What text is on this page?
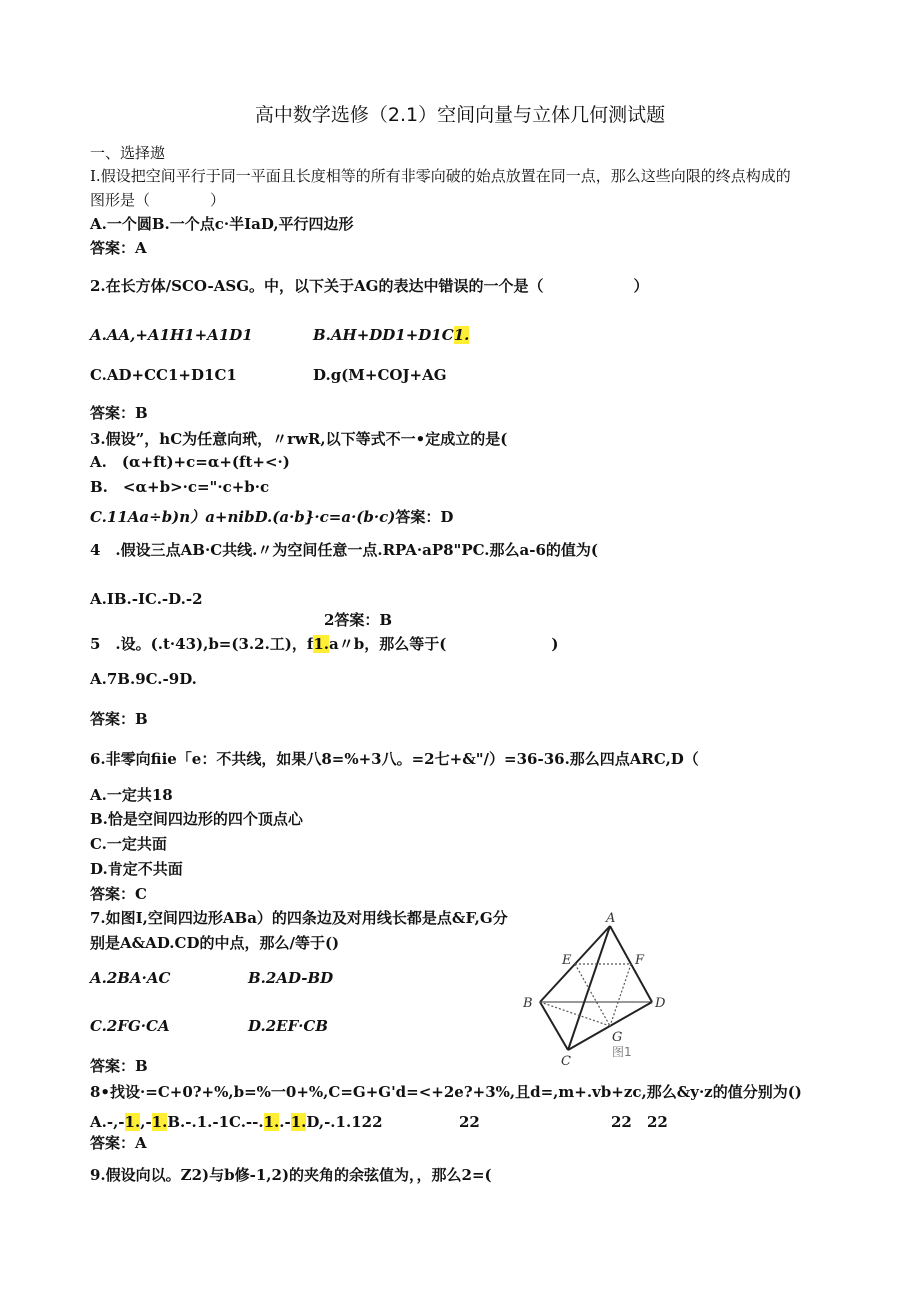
高中数学选修（2.1）空间向量与立体几何测试题
一、选择遨
I.假设把空间平行于同一平面且长度相等的所有非零向破的始点放置在同一点，那么这些向限的终点构成的
图形是（　　　　）
A.一个圆B.一个点c·半IaD,平行四边形
答案：A
2.在长方体/SCO-ASG。中，以下关于AG的表达中错误的一个是（　　　　　　）
A.AA,+A1H1+A1D1	B.AH+DD1+D1C1.
C.AD+CC1+D1C1	D.g(M+COJ+AG
答案：B
3.假设”，hC为任意向玳，〃rwR,以下等式不一•定成立的是(
A.　(α+ft)+c=α+(ft+<·)
B.　<α+b>·c="·c+b·c
C.11Aa÷b)n）a+nibD.(a·b}·c=a·(b·c)答案：D
4　.假设三点AB·C共线.〃为空间任意一点.RPA·aP8"PC.那么a-6的值为(
A.IB.-IC.-D.-2
2答案：B
5　.设。(.t·43),b=(3.2.工)，f1.a〃b，那么等于(　　　　　　　)
A.7B.9C.-9D.
答案：B
6.非零向fiie「e：不共线，如果八8=%+3八。=2七+&"/）=36-36.那么四点ARC,D（
A.一定共18
B.恰是空间四边形的四个顶点心
C.一定共面
D.肯定不共面
答案：C
7.如图I,空间四边形ABa）的四条边及对用线长都是点&F,G分
别是A&AD.CD的中点，那么/等于()
A.2BA·AC	B.2AD-BD
C.2FG·CA	D.2EF·CB
答案：B
A
B
C
D
E	F
G
图1
8•找设·=C+0?+%,b=%一0+%,C=G+G'd=<+2e?+3%,且d=,m+.vb+zc,那么&y·z的值分别为()
A.-,-1.,-1.B.-.1.-1C.--.1..-1.D,-.1.122	22	22 22
答案：A
9.假设向以。Z2)与b修-1,2)的夹角的余弦值为，，那么2=(
